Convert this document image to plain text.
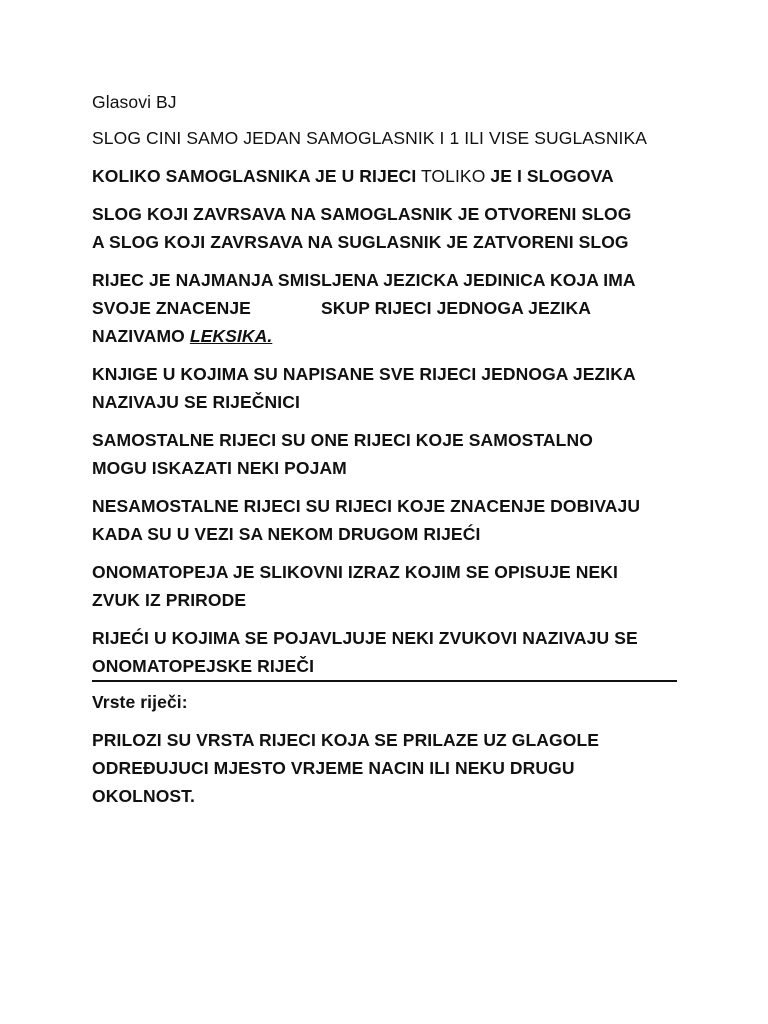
Glasovi BJ

SLOG CINI SAMO JEDAN SAMOGLASNIK I 1 ILI VISE SUGLASNIKA

KOLIKO SAMOGLASNIKA JE U RIJECI TOLIKO JE I SLOGOVA

SLOG KOJI ZAVRSAVA NA SAMOGLASNIK JE OTVORENI SLOG
A SLOG KOJI ZAVRSAVA NA SUGLASNIK JE ZATVORENI SLOG

RIJEC JE NAJMANJA SMISLJENA JEZICKA JEDINICA KOJA IMA
SVOJE ZNACENJE	SKUP RIJECI JEDNOGA JEZIKA
NAZIVAMO LEKSIKA.

KNJIGE U KOJIMA SU NAPISANE SVE RIJECI JEDNOGA JEZIKA
NAZIVAJU SE RIJEČNICI

SAMOSTALNE RIJECI SU ONE RIJECI KOJE SAMOSTALNO
MOGU ISKAZATI NEKI POJAM

NESAMOSTALNE RIJECI SU RIJECI KOJE ZNACENJE DOBIVAJU
KADA SU U VEZI SA NEKOM DRUGOM RIJEĆI

ONOMATOPEJA JE SLIKOVNI IZRAZ KOJIM SE OPISUJE NEKI
ZVUK IZ PRIRODE

RIJEĆI U KOJIMA SE POJAVLJUJE NEKI ZVUKOVI NAZIVAJU SE
ONOMATOPEJSKE RIJEČI

Vrste riječi:

PRILOZI SU VRSTA RIJECI KOJA SE PRILAZE UZ GLAGOLE
ODREĐUJUCI MJESTO VRJEME NACIN ILI NEKU DRUGU
OKOLNOST.
